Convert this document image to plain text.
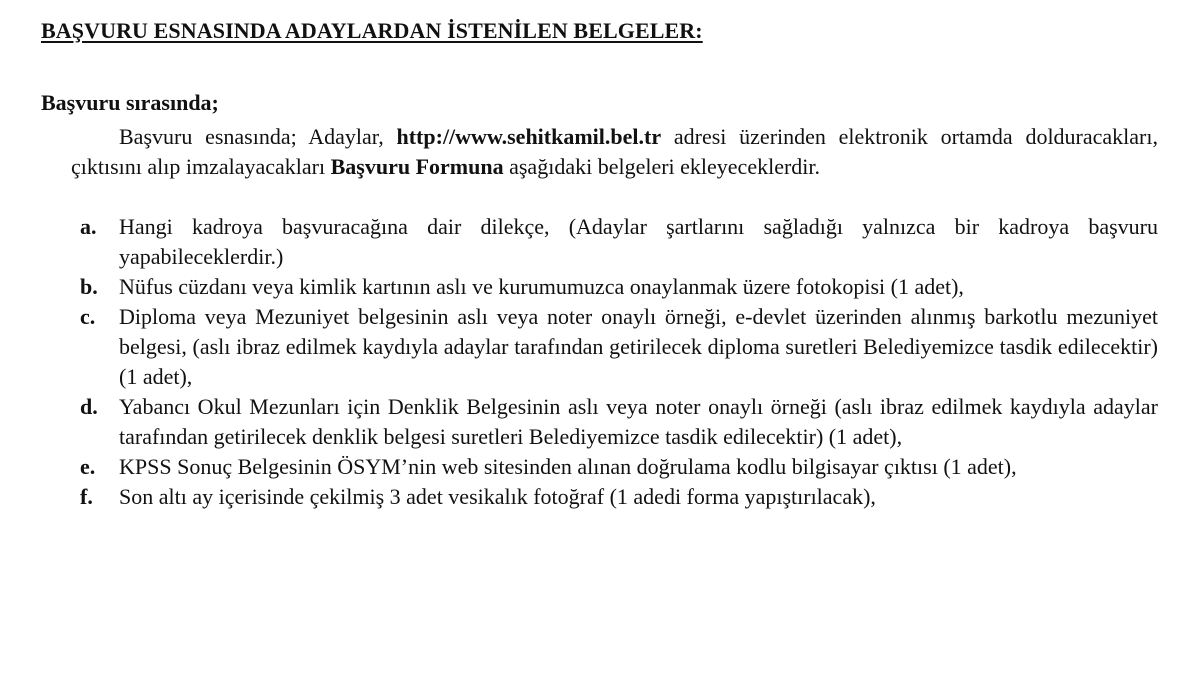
BAŞVURU ESNASINDA ADAYLARDAN İSTENİLEN BELGELER:
Başvuru sırasında;

Başvuru esnasında; Adaylar, http://www.sehitkamil.bel.tr adresi üzerinden elektronik ortamda dolduracakları, çıktısını alıp imzalayacakları Başvuru Formuna aşağıdaki belgeleri ekleyeceklerdir.

a. Hangi kadroya başvuracağına dair dilekçe, (Adaylar şartlarını sağladığı yalnızca bir kadroya başvuru yapabileceklerdir.)
b. Nüfus cüzdanı veya kimlik kartının aslı ve kurumumuzca onaylanmak üzere fotokopisi (1 adet),
c. Diploma veya Mezuniyet belgesinin aslı veya noter onaylı örneği, e-devlet üzerinden alınmış barkotlu mezuniyet belgesi, (aslı ibraz edilmek kaydıyla adaylar tarafından getirilecek diploma suretleri Belediyemizce tasdik edilecektir) (1 adet),
d. Yabancı Okul Mezunları için Denklik Belgesinin aslı veya noter onaylı örneği (aslı ibraz edilmek kaydıyla adaylar tarafından getirilecek denklik belgesi suretleri Belediyemizce tasdik edilecektir) (1 adet),
e. KPSS Sonuç Belgesinin ÖSYM’nin web sitesinden alınan doğrulama kodlu bilgisayar çıktısı (1 adet),
f. Son altı ay içerisinde çekilmiş 3 adet vesikalık fotoğraf (1 adedi forma yapıştırılacak),
